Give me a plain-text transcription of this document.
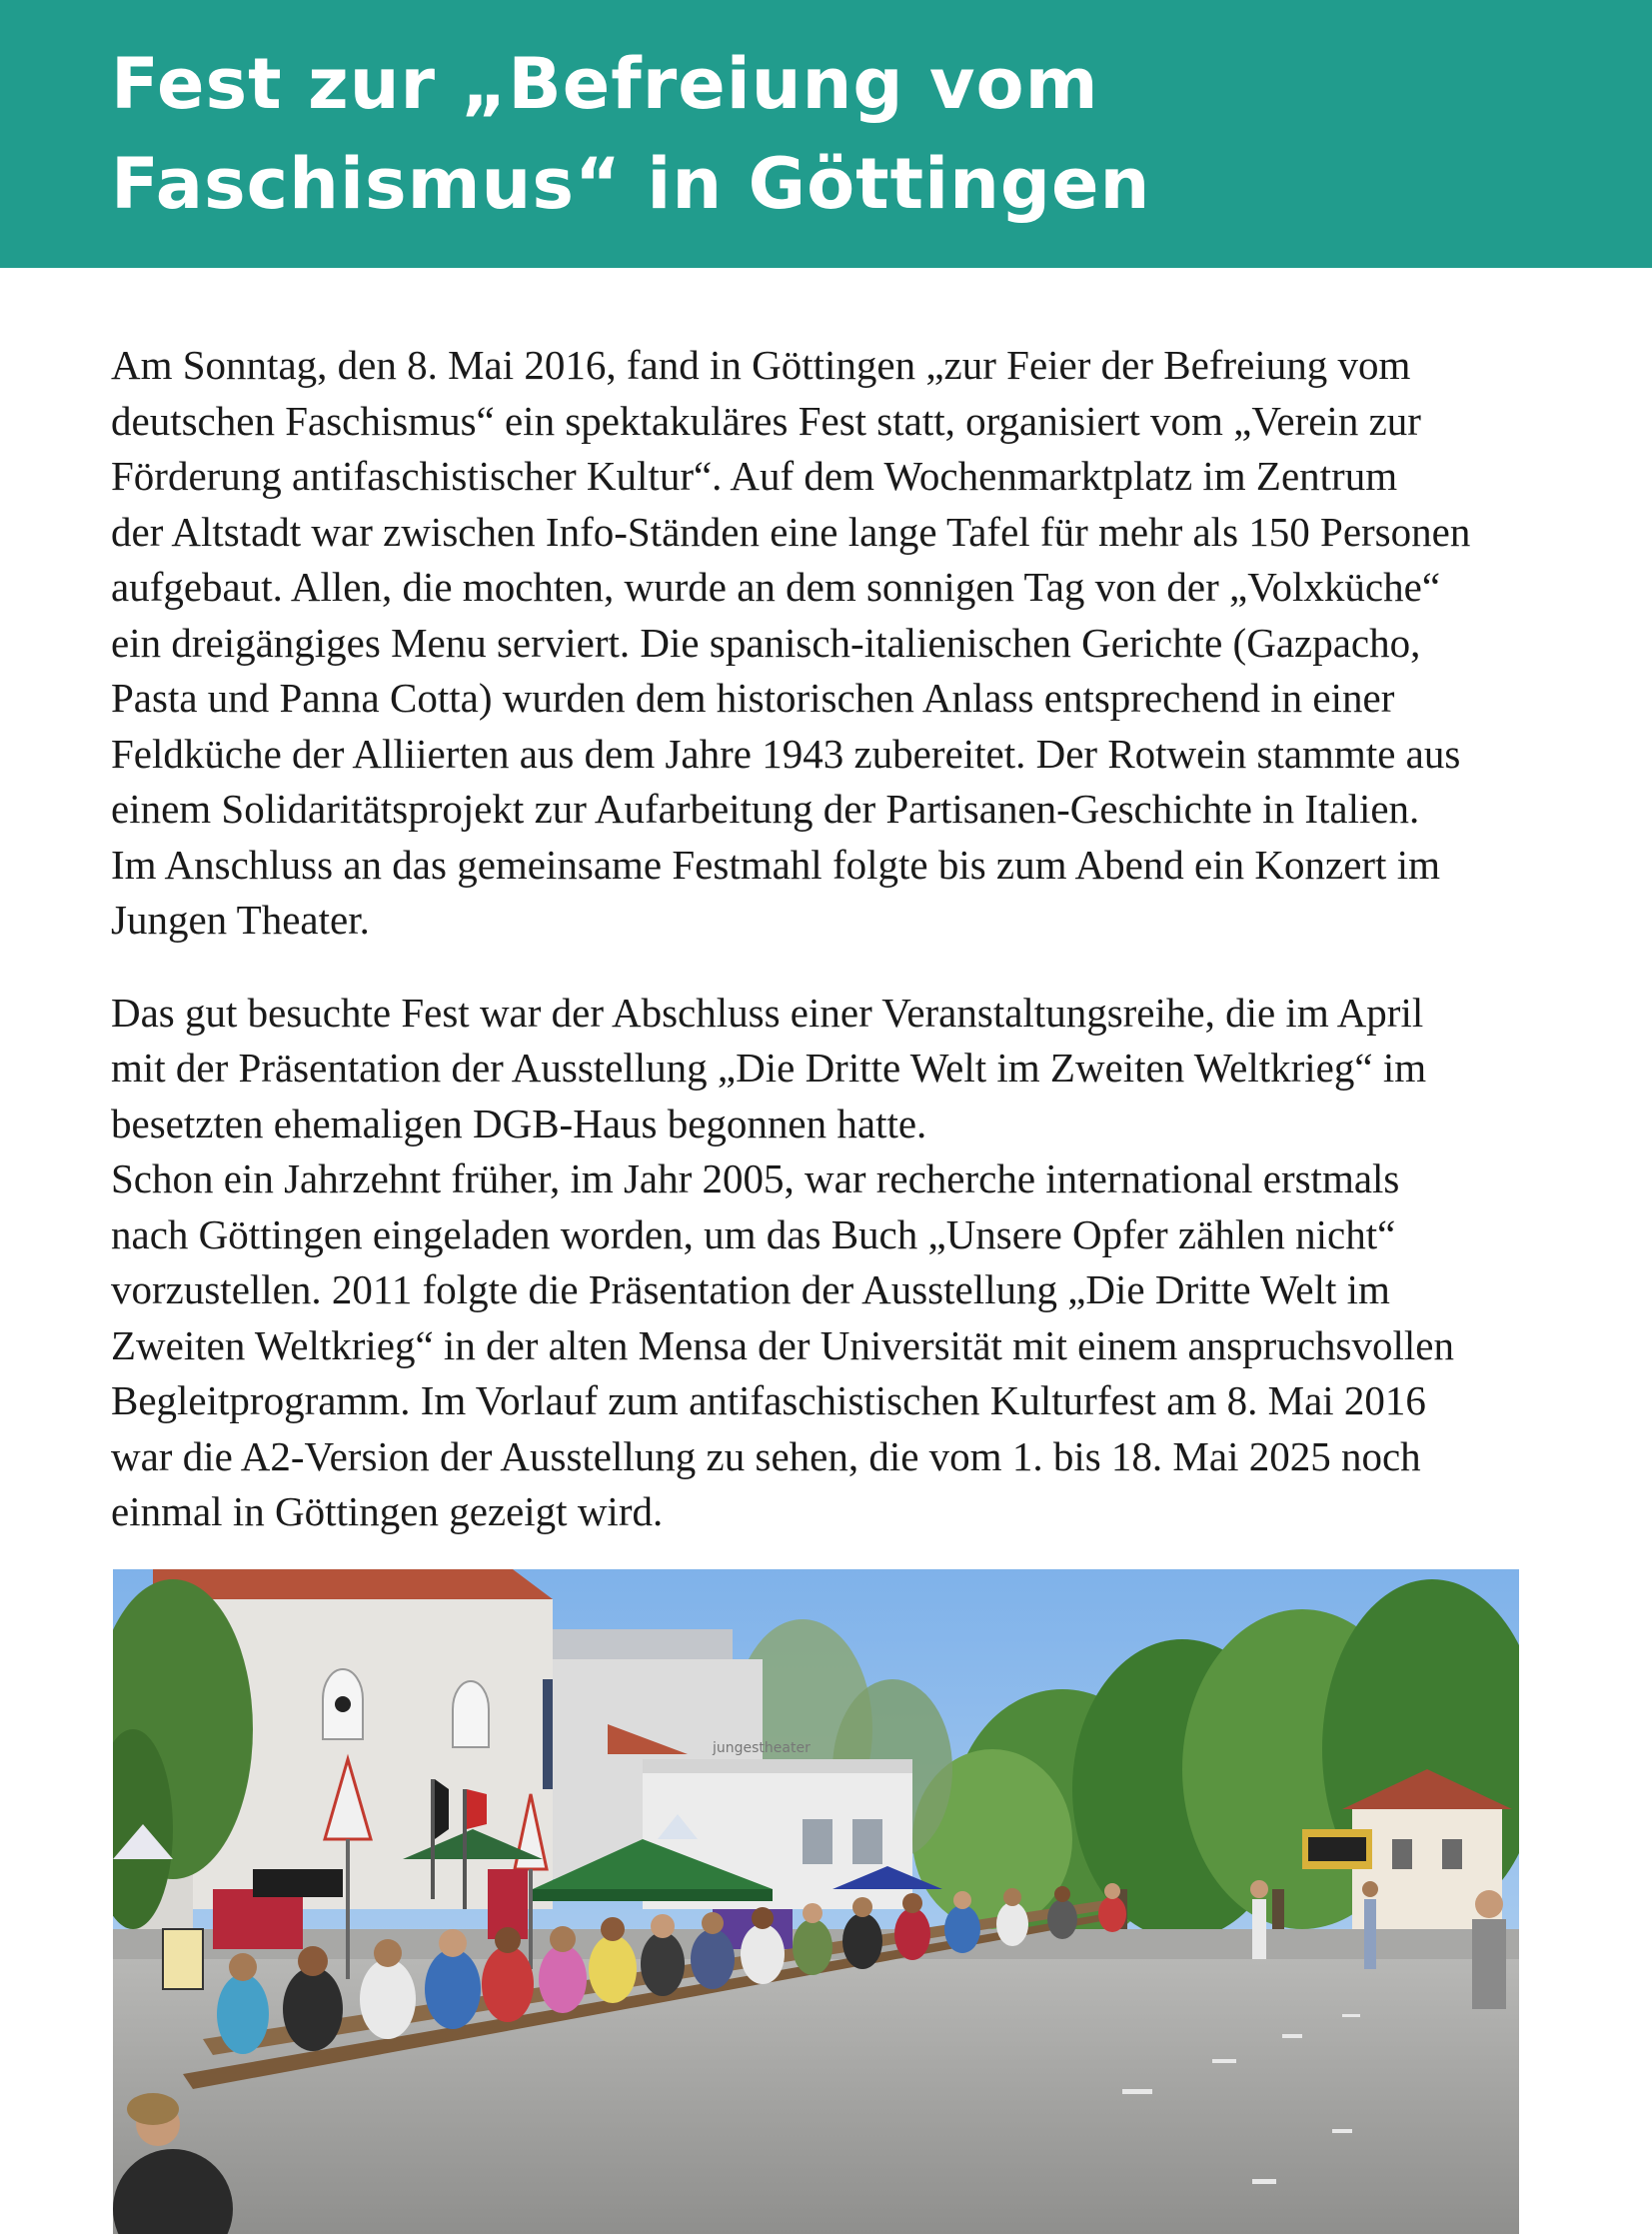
Fest zur „Befreiung vom
Faschismus“ in Göttingen

Am Sonntag, den 8. Mai 2016, fand in Göttingen „zur Feier der Befreiung vom
deutschen Faschismus“ ein spektakuläres Fest statt, organisiert vom „Verein zur
Förderung antifaschistischer Kultur“. Auf dem Wochenmarktplatz im Zentrum
der Altstadt war zwischen Info-Ständen eine lange Tafel für mehr als 150 Personen
aufgebaut. Allen, die mochten, wurde an dem sonnigen Tag von der „Volxküche“
ein dreigängiges Menu serviert. Die spanisch-italienischen Gerichte (Gazpacho,
Pasta und Panna Cotta) wurden dem historischen Anlass entsprechend in einer
Feldküche der Alliierten aus dem Jahre 1943 zubereitet. Der Rotwein stammte aus
einem Solidaritätsprojekt zur Aufarbeitung der Partisanen-Geschichte in Italien.
Im Anschluss an das gemeinsame Festmahl folgte bis zum Abend ein Konzert im
Jungen Theater.

Das gut besuchte Fest war der Abschluss einer Veranstaltungsreihe, die im April
mit der Präsentation der Ausstellung „Die Dritte Welt im Zweiten Weltkrieg“ im
besetzten ehemaligen DGB-Haus begonnen hatte.
Schon ein Jahrzehnt früher, im Jahr 2005, war recherche international erstmals
nach Göttingen eingeladen worden, um das Buch „Unsere Opfer zählen nicht“
vorzustellen. 2011 folgte die Präsentation der Ausstellung „Die Dritte Welt im
Zweiten Weltkrieg“ in der alten Mensa der Universität mit einem anspruchsvollen
Begleitprogramm. Im Vorlauf zum antifaschistischen Kulturfest am 8. Mai 2016
war die A2-Version der Ausstellung zu sehen, die vom 1. bis 18. Mai 2025 noch
einmal in Göttingen gezeigt wird.

jungestheater
